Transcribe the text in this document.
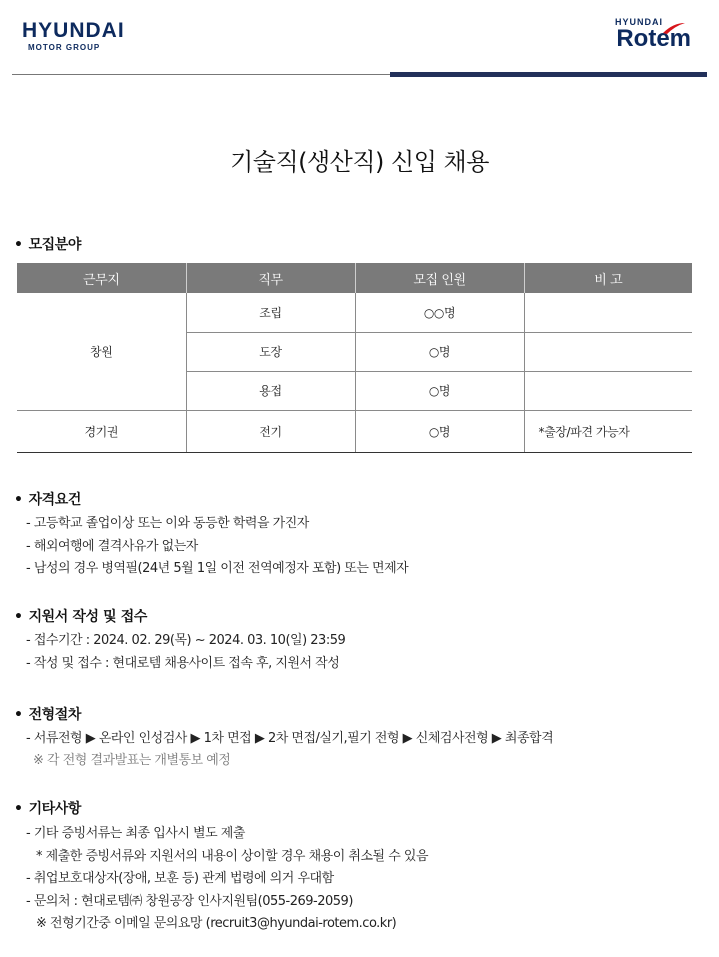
HYUNDAI
MOTOR GROUP
HYUNDAI
Rotem
기술직(생산직) 신입 채용
• 모집분야
근무지	직무	모집 인원	비 고
창원	조립	○○명	
	도장	○명	
	용접	○명	
경기권	전기	○명	*출장/파견 가능자
• 자격요건
- 고등학교 졸업이상 또는 이와 동등한 학력을 가진자
- 해외여행에 결격사유가 없는자
- 남성의 경우 병역필(24년 5월 1일 이전 전역예정자 포함) 또는 면제자
• 지원서 작성 및 접수
- 접수기간 : 2024. 02. 29(목) ~ 2024. 03. 10(일) 23:59
- 작성 및 접수 : 현대로템 채용사이트 접속 후, 지원서 작성
• 전형절차
- 서류전형 ▶ 온라인 인성검사 ▶ 1차 면접 ▶ 2차 면접/실기,필기 전형 ▶ 신체검사전형 ▶ 최종합격
※ 각 전형 결과발표는 개별통보 예정
• 기타사항
- 기타 증빙서류는 최종 입사시 별도 제출
* 제출한 증빙서류와 지원서의 내용이 상이할 경우 채용이 취소될 수 있음
- 취업보호대상자(장애, 보훈 등) 관계 법령에 의거 우대함
- 문의처 : 현대로템㈜ 창원공장 인사지원팀(055-269-2059)
※ 전형기간중 이메일 문의요망 (recruit3@hyundai-rotem.co.kr)
